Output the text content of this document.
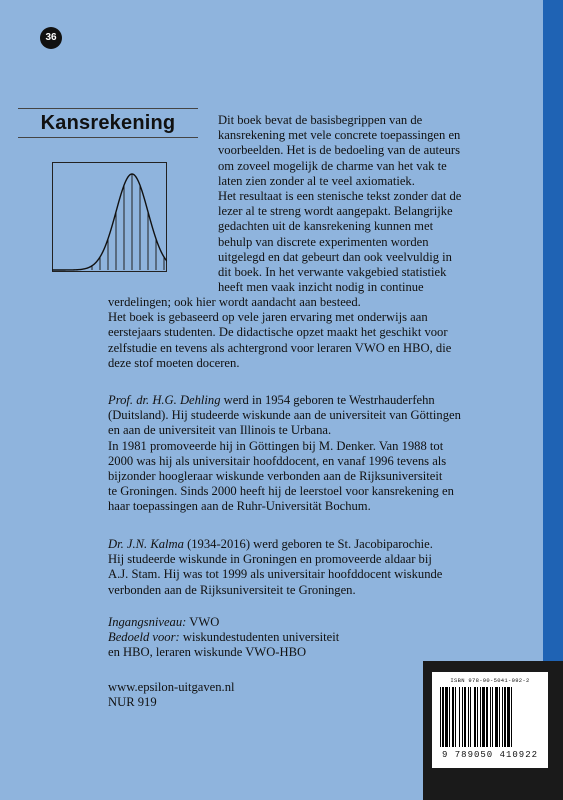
36
Kansrekening	Dit boek bevat de basisbegrippen van de
kansrekening met vele concrete toepassingen en
voorbeelden. Het is de bedoeling van de auteurs
om zoveel mogelijk de charme van het vak te
laten zien zonder al te veel axiomatiek.
Het resultaat is een stenische tekst zonder dat de
lezer al te streng wordt aangepakt. Belangrijke
gedachten uit de kansrekening kunnen met
behulp van discrete experimenten worden
uitgelegd en dat gebeurt dan ook veelvuldig in
dit boek. In het verwante vakgebied statistiek
heeft men vaak inzicht nodig in continue

verdelingen; ook hier wordt aandacht aan besteed.
Het boek is gebaseerd op vele jaren ervaring met onderwijs aan
eerstejaars studenten. De didactische opzet maakt het geschikt voor
zelfstudie en tevens als achtergrond voor leraren VWO en HBO, die
deze stof moeten doceren.

Prof. dr. H.G. Dehling werd in 1954 geboren te Westrhauderfehn
(Duitsland). Hij studeerde wiskunde aan de universiteit van Göttingen
en aan de universiteit van Illinois te Urbana.
In 1981 promoveerde hij in Göttingen bij M. Denker. Van 1988 tot
2000 was hij als universitair hoofddocent, en vanaf 1996 tevens als
bijzonder hoogleraar wiskunde verbonden aan de Rijksuniversiteit
te Groningen. Sinds 2000 heeft hij de leerstoel voor kansrekening en
haar toepassingen aan de Ruhr-Universität Bochum.

Dr. J.N. Kalma (1934-2016) werd geboren te St. Jacobiparochie.
Hij studeerde wiskunde in Groningen en promoveerde aldaar bij
A.J. Stam. Hij was tot 1999 als universitair hoofddocent wiskunde
verbonden aan de Rijksuniversiteit te Groningen.

Ingangsniveau: VWO
Bedoeld voor: wiskundestudenten universiteit
en HBO, leraren wiskunde VWO-HBO

www.epsilon-uitgaven.nl
NUR 919

ISBN 978-90-5041-092-2
9 789050 410922
